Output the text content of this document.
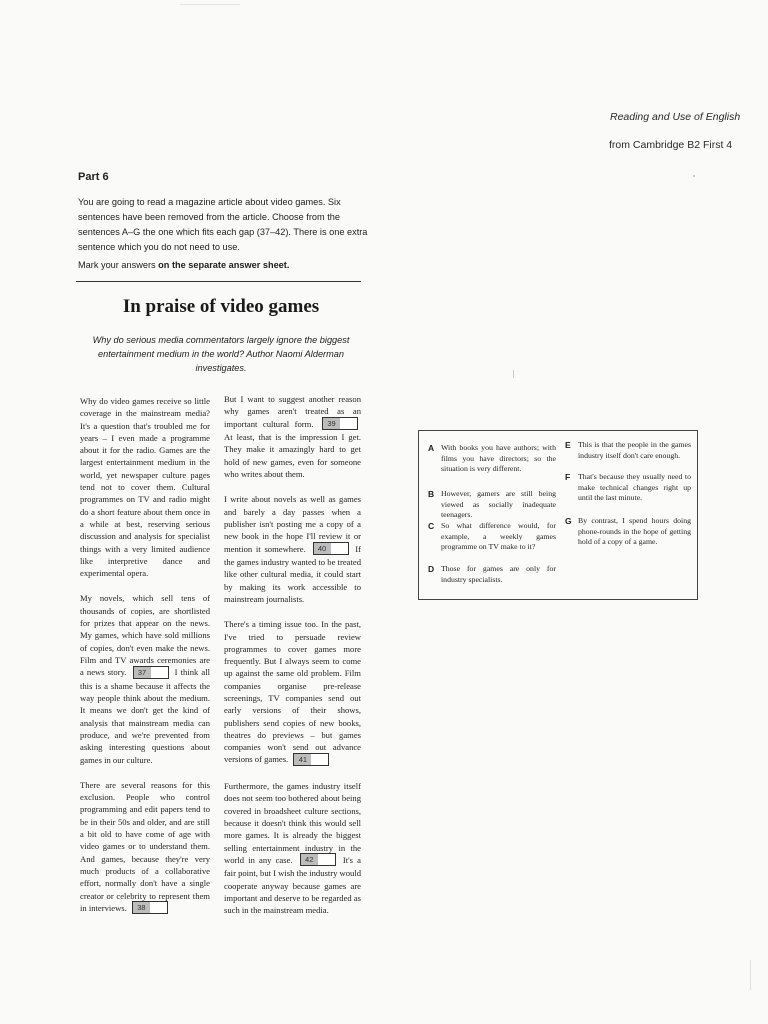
Reading and Use of English
from Cambridge B2 First 4
Part 6
You are going to read a magazine article about video games. Six sentences have been removed from the article. Choose from the sentences A–G the one which fits each gap (37–42). There is one extra sentence which you do not need to use.
Mark your answers on the separate answer sheet.
In praise of video games
Why do serious media commentators largely ignore the biggest entertainment medium in the world? Author Naomi Alderman investigates.

Why do video games receive so little coverage in the mainstream media? It's a question that's troubled me for years – I even made a programme about it for the radio. Games are the largest entertainment medium in the world, yet newspaper culture pages tend not to cover them. Cultural programmes on TV and radio might do a short feature about them once in a while at best, reserving serious discussion and analysis for specialist things with a very limited audience like interpretive dance and experimental opera.

My novels, which sell tens of thousands of copies, are shortlisted for prizes that appear on the news. My games, which have sold millions of copies, don't even make the news. Film and TV awards ceremonies are a news story. 37	I think all this is a shame because it affects the way people think about the medium. It means we don't get the kind of analysis that mainstream media can produce, and we're prevented from asking interesting questions about games in our culture.

There are several reasons for this exclusion. People who control programming and edit papers tend to be in their 50s and older, and are still a bit old to have come of age with video games or to understand them. And games, because they're very much products of a collaborative effort, normally don't have a single creator or celebrity to represent them in interviews. 38

But I want to suggest another reason why games aren't treated as an important cultural form. 39 At least, that is the impression I get. They make it amazingly hard to get hold of new games, even for someone who writes about them.

I write about novels as well as games and barely a day passes when a publisher isn't posting me a copy of a new book in the hope I'll review it or mention it somewhere. 40	If the games industry wanted to be treated like other cultural media, it could start by making its work accessible to mainstream journalists.

There's a timing issue too. In the past, I've tried to persuade review programmes to cover games more frequently. But I always seem to come up against the same old problem. Film companies organise pre-release screenings, TV companies send out early versions of their shows, publishers send copies of new books, theatres do previews – but games companies won't send out advance versions of games. 41

Furthermore, the games industry itself does not seem too bothered about being covered in broadsheet culture sections, because it doesn't think this would sell more games. It is already the biggest selling entertainment industry in the world in any case. 42	It's a fair point, but I wish the industry would cooperate anyway because games are important and deserve to be regarded as such in the mainstream media.

A With books you have authors; with films you have directors; so the situation is very different.
B However, gamers are still being viewed as socially inadequate teenagers.
C So what difference would, for example, a weekly games programme on TV make to it?
D Those for games are only for industry specialists.
E This is that the people in the games industry itself don't care enough.
F That's because they usually need to make technical changes right up until the last minute.
G By contrast, I spend hours doing phone-rounds in the hope of getting hold of a copy of a game.
